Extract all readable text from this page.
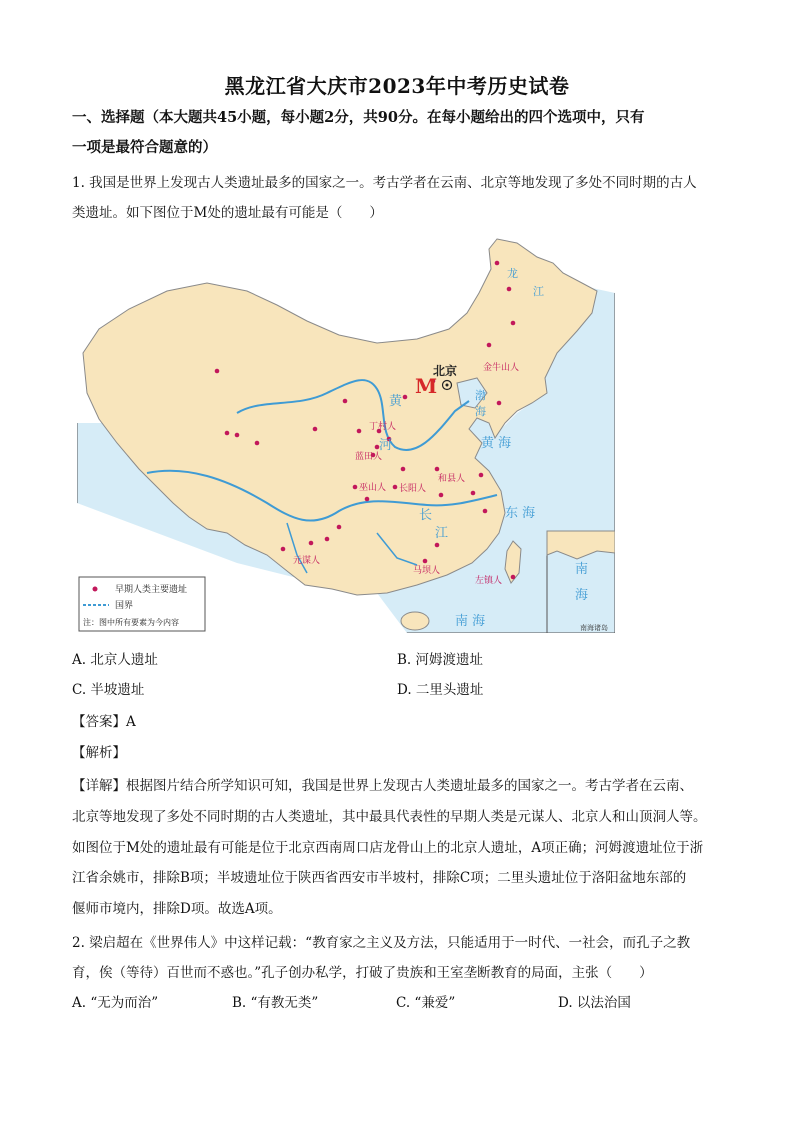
黑龙江省大庆市2023年中考历史试卷
一、选择题（本大题共45小题，每小题2分，共90分。在每小题给出的四个选项中，只有
一项是最符合题意的）
1. 我国是世界上发现古人类遗址最多的国家之一。考古学者在云南、北京等地发现了多处不同时期的古人
类遗址。如下图位于M处的遗址最有可能是（　　）
南
海
南海诸岛
早期人类主要遗址
国界
注：图中所有要素为今内容
M
北京	金牛山人
丁村人
蓝田人
巫山人 长阳人
和县人
元谋人
马坝人
左镇人
黄
河
长
江
渤
海
黄 海
东 海
南 海
龙
江
A. 北京人遗址	B. 河姆渡遗址
C. 半坡遗址	D. 二里头遗址
【答案】A
【解析】
【详解】根据图片结合所学知识可知，我国是世界上发现古人类遗址最多的国家之一。考古学者在云南、
北京等地发现了多处不同时期的古人类遗址，其中最具代表性的早期人类是元谋人、北京人和山顶洞人等。
如图位于M处的遗址最有可能是位于北京西南周口店龙骨山上的北京人遗址，A项正确；河姆渡遗址位于浙
江省余姚市，排除B项；半坡遗址位于陕西省西安市半坡村，排除C项；二里头遗址位于洛阳盆地东部的
偃师市境内，排除D项。故选A项。
2. 梁启超在《世界伟人》中这样记载：“教育家之主义及方法，只能适用于一时代、一社会，而孔子之教
育，俟（等待）百世而不惑也。”孔子创办私学，打破了贵族和王室垄断教育的局面，主张（　　）
A. “无为而治”	B. “有教无类”	C. “兼爱”	D. 以法治国
